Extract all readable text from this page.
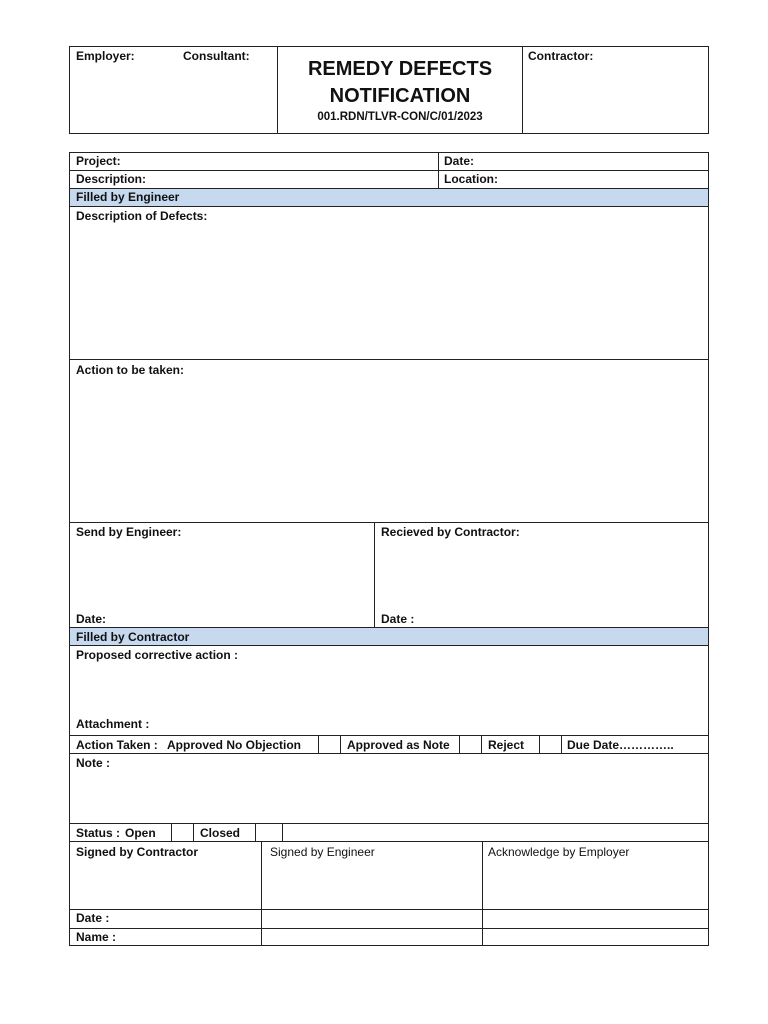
Employer:	Consultant:
REMEDY DEFECTS
NOTIFICATION
001.RDN/TLVR-CON/C/01/2023
Contractor:
Project:	Date:
Description:	Location:
Filled by Engineer
Description of Defects:
Action to be taken:
Send by Engineer:	Recieved by Contractor:
Date:	Date :
Filled by Contractor
Proposed corrective action :
Attachment :
Action Taken : Approved No Objection	Approved as Note	Reject	Due Date…………..
Note :
Status : Open	Closed
Signed by Contractor	Signed by Engineer	Acknowledge by Employer
Date :
Name :
